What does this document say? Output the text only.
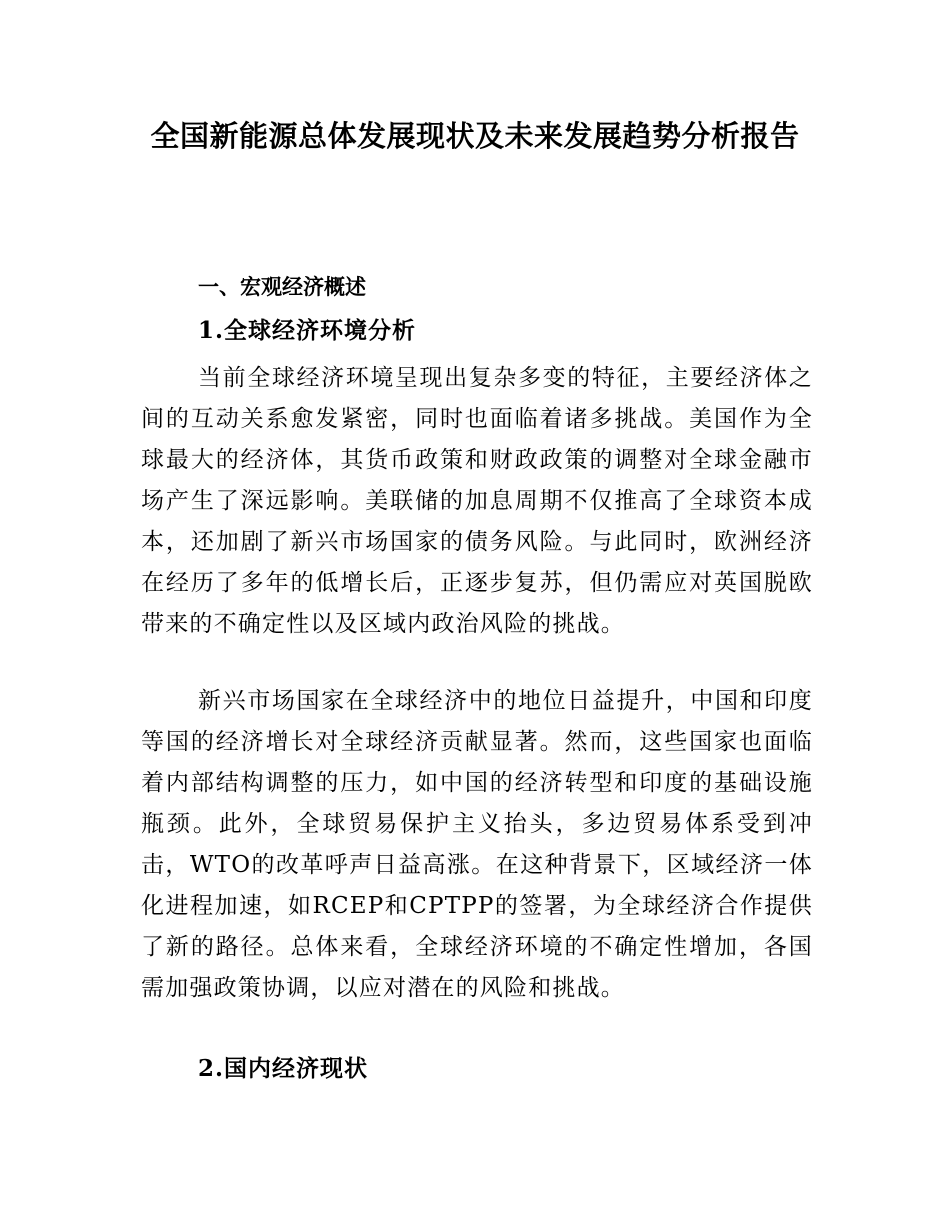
全国新能源总体发展现状及未来发展趋势分析报告
一、宏观经济概述
1.全球经济环境分析

当前全球经济环境呈现出复杂多变的特征，主要经济体之间的互动关系愈发紧密，同时也面临着诸多挑战。美国作为全球最大的经济体，其货币政策和财政政策的调整对全球金融市场产生了深远影响。美联储的加息周期不仅推高了全球资本成本，还加剧了新兴市场国家的债务风险。与此同时，欧洲经济在经历了多年的低增长后，正逐步复苏，但仍需应对英国脱欧带来的不确定性以及区域内政治风险的挑战。

新兴市场国家在全球经济中的地位日益提升，中国和印度等国的经济增长对全球经济贡献显著。然而，这些国家也面临着内部结构调整的压力，如中国的经济转型和印度的基础设施瓶颈。此外，全球贸易保护主义抬头，多边贸易体系受到冲击，WTO的改革呼声日益高涨。在这种背景下，区域经济一体化进程加速，如RCEP和CPTPP的签署，为全球经济合作提供了新的路径。总体来看，全球经济环境的不确定性增加，各国需加强政策协调，以应对潜在的风险和挑战。

2.国内经济现状
